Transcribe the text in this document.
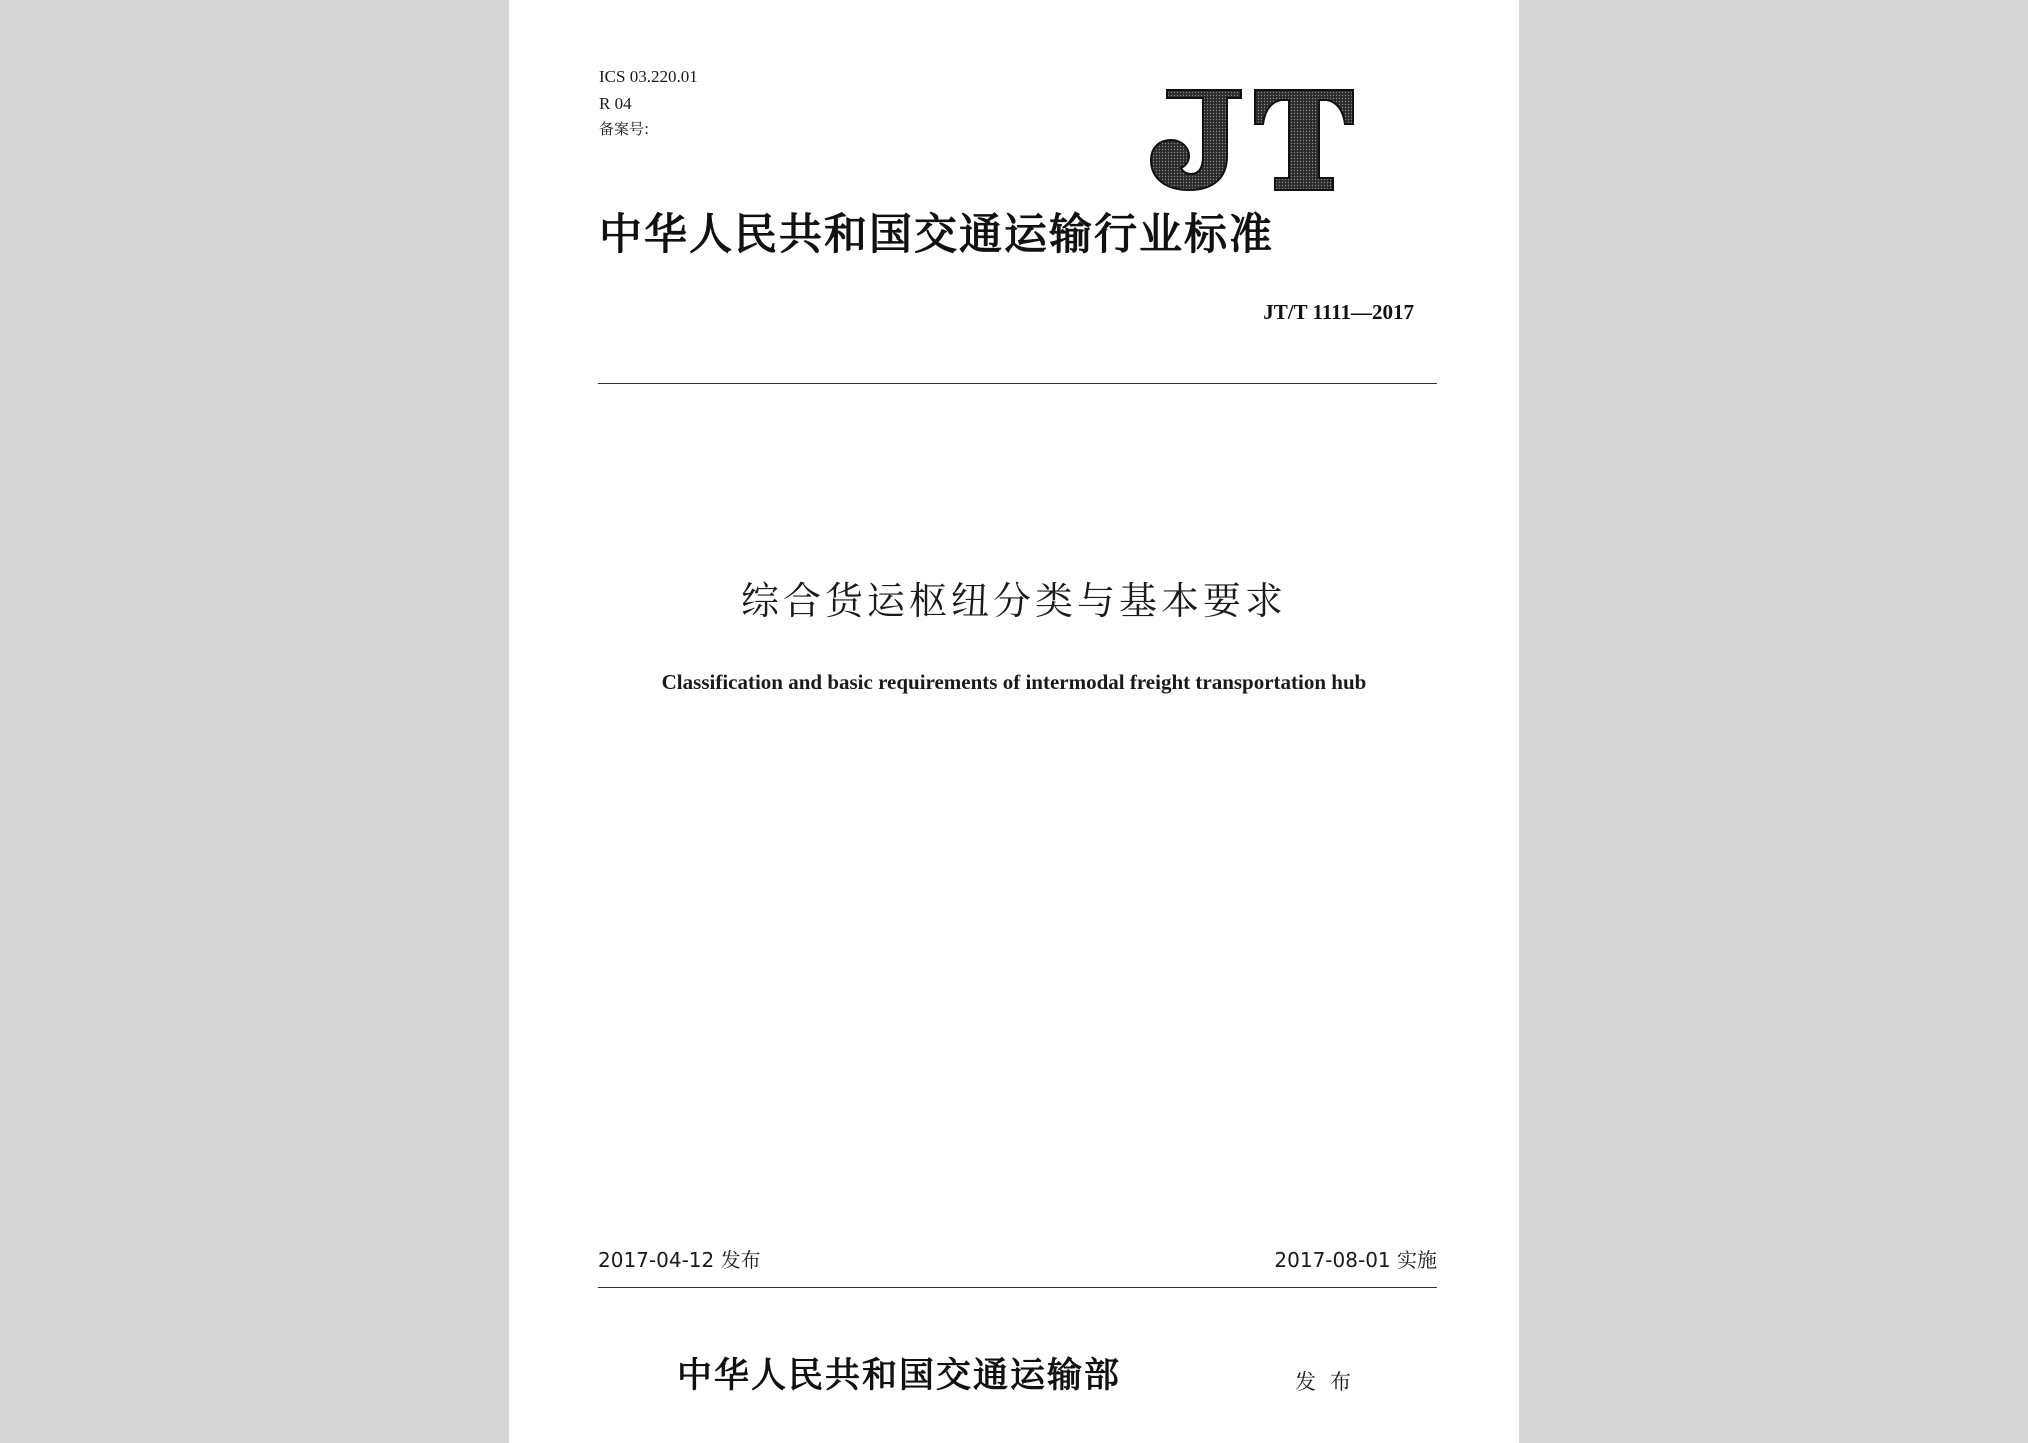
ICS 03.220.01
R 04
备案号:
JT
中华人民共和国交通运输行业标准
JT/T 1111—2017
综合货运枢纽分类与基本要求
Classification and basic requirements of intermodal freight transportation hub
2017-04-12 发布	2017-08-01 实施
中华人民共和国交通运输部	发布
